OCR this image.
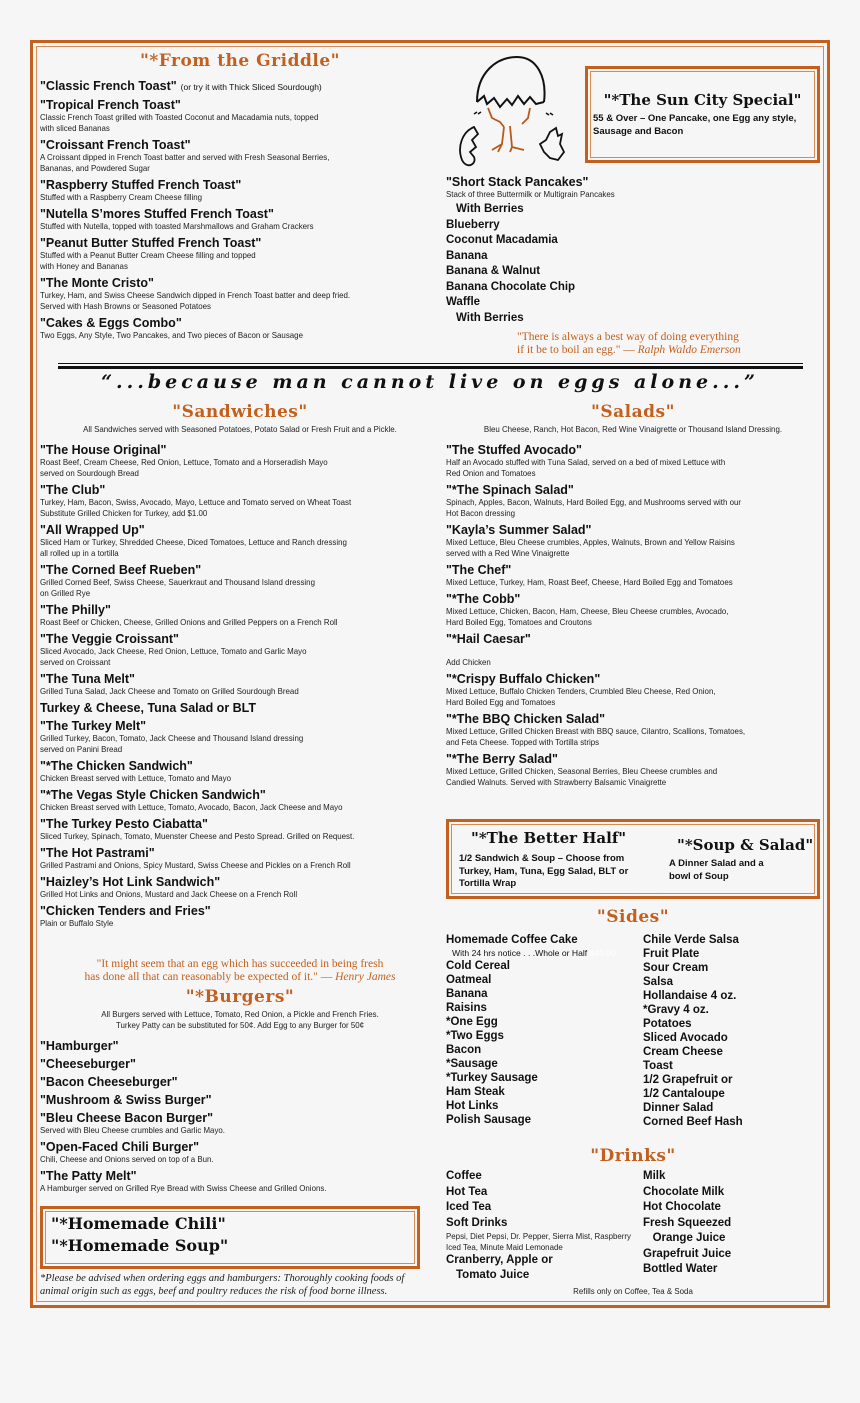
"*From the Griddle"
"Classic French Toast" (or try it with Thick Sliced Sourdough)
"Tropical French Toast"
Classic French Toast grilled with Toasted Coconut and Macadamia nuts, topped
with sliced Bananas
"Croissant French Toast"
A Croissant dipped in French Toast batter and served with Fresh Seasonal Berries,
Bananas, and Powdered Sugar
"Raspberry Stuffed French Toast"
Stuffed with a Raspberry Cream Cheese filling
"Nutella S’mores Stuffed French Toast"
Stuffed with Nutella, topped with toasted Marshmallows and Graham Crackers
"Peanut Butter Stuffed French Toast"
Stuffed with a Peanut Butter Cream Cheese filling and topped
with Honey and Bananas
"The Monte Cristo"
Turkey, Ham, and Swiss Cheese Sandwich dipped in French Toast batter and deep fried.
Served with Hash Browns or Seasoned Potatoes
"Cakes & Eggs Combo"
Two Eggs, Any Style, Two Pancakes, and Two pieces of Bacon or Sausage
"*The Sun City Special"
55 & Over – One Pancake, one Egg any style,
Sausage and Bacon
"Short Stack Pancakes"
Stack of three Buttermilk or Multigrain Pancakes
With Berries
Blueberry
Coconut Macadamia
Banana
Banana & Walnut
Banana Chocolate Chip
Waffle
With Berries
"There is always a best way of doing everything
if it be to boil an egg." — Ralph Waldo Emerson
“...because man cannot live on eggs alone...”
"Sandwiches"
All Sandwiches served with Seasoned Potatoes, Potato Salad or Fresh Fruit and a Pickle.
"The House Original"
Roast Beef, Cream Cheese, Red Onion, Lettuce, Tomato and a Horseradish Mayo
served on Sourdough Bread
"The Club"
Turkey, Ham, Bacon, Swiss, Avocado, Mayo, Lettuce and Tomato served on Wheat Toast
Substitute Grilled Chicken for Turkey, add $1.00
"All Wrapped Up"
Sliced Ham or Turkey, Shredded Cheese, Diced Tomatoes, Lettuce and Ranch dressing
all rolled up in a tortilla
"The Corned Beef Rueben"
Grilled Corned Beef, Swiss Cheese, Sauerkraut and Thousand Island dressing
on Grilled Rye
"The Philly"
Roast Beef or Chicken, Cheese, Grilled Onions and Grilled Peppers on a French Roll
"The Veggie Croissant"
Sliced Avocado, Jack Cheese, Red Onion, Lettuce, Tomato and Garlic Mayo
served on Croissant
"The Tuna Melt"
Grilled Tuna Salad, Jack Cheese and Tomato on Grilled Sourdough Bread
Turkey & Cheese, Tuna Salad or BLT
"The Turkey Melt"
Grilled Turkey, Bacon, Tomato, Jack Cheese and Thousand Island dressing
served on Panini Bread
"*The Chicken Sandwich"
Chicken Breast served with Lettuce, Tomato and Mayo
"*The Vegas Style Chicken Sandwich"
Chicken Breast served with Lettuce, Tomato, Avocado, Bacon, Jack Cheese and Mayo
"The Turkey Pesto Ciabatta"
Sliced Turkey, Spinach, Tomato, Muenster Cheese and Pesto Spread. Grilled on Request.
"The Hot Pastrami"
Grilled Pastrami and Onions, Spicy Mustard, Swiss Cheese and Pickles on a French Roll
"Haizley’s Hot Link Sandwich"
Grilled Hot Links and Onions, Mustard and Jack Cheese on a French Roll
"Chicken Tenders and Fries"
Plain or Buffalo Style
"It might seem that an egg which has succeeded in being fresh
has done all that can reasonably be expected of it." — Henry James
"*Burgers"
All Burgers served with Lettuce, Tomato, Red Onion, a Pickle and French Fries.
Turkey Patty can be substituted for 50¢. Add Egg to any Burger for 50¢
"Hamburger"
"Cheeseburger"
"Bacon Cheeseburger"
"Mushroom & Swiss Burger"
"Bleu Cheese Bacon Burger"
Served with Bleu Cheese crumbles and Garlic Mayo.
"Open-Faced Chili Burger"
Chili, Cheese and Onions served on top of a Bun.
"The Patty Melt"
A Hamburger served on Grilled Rye Bread with Swiss Cheese and Grilled Onions.
"*Homemade Chili"
"*Homemade Soup"
*Please be advised when ordering eggs and hamburgers: Thoroughly cooking foods of
animal origin such as eggs, beef and poultry reduces the risk of food borne illness.
"Salads"
Bleu Cheese, Ranch, Hot Bacon, Red Wine Vinaigrette or Thousand Island Dressing.
"The Stuffed Avocado"
Half an Avocado stuffed with Tuna Salad, served on a bed of mixed Lettuce with
Red Onion and Tomatoes
"*The Spinach Salad"
Spinach, Apples, Bacon, Walnuts, Hard Boiled Egg, and Mushrooms served with our
Hot Bacon dressing
"Kayla’s Summer Salad"
Mixed Lettuce, Bleu Cheese crumbles, Apples, Walnuts, Brown and Yellow Raisins
served with a Red Wine Vinaigrette
"The Chef"
Mixed Lettuce, Turkey, Ham, Roast Beef, Cheese, Hard Boiled Egg and Tomatoes
"*The Cobb"
Mixed Lettuce, Chicken, Bacon, Ham, Cheese, Bleu Cheese crumbles, Avocado,
Hard Boiled Egg, Tomatoes and Croutons
"*Hail Caesar"
Add Chicken
"*Crispy Buffalo Chicken"
Mixed Lettuce, Buffalo Chicken Tenders, Crumbled Bleu Cheese, Red Onion,
Hard Boiled Egg and Tomatoes
"*The BBQ Chicken Salad"
Mixed Lettuce, Grilled Chicken Breast with BBQ sauce, Cilantro, Scallions, Tomatoes,
and Feta Cheese. Topped with Tortilla strips
"*The Berry Salad"
Mixed Lettuce, Grilled Chicken, Seasonal Berries, Bleu Cheese crumbles and
Candied Walnuts. Served with Strawberry Balsamic Vinaigrette
"*The Better Half"
1/2 Sandwich & Soup – Choose from
Turkey, Ham, Tuna, Egg Salad, BLT or
Tortilla Wrap
"*Soup & Salad"
A Dinner Salad and a
bowl of Soup
"Sides"
Homemade Coffee Cake
With 24 hrs notice . . .Whole or Half $40.00
Cold Cereal
Oatmeal
Banana
Raisins
*One Egg
*Two Eggs
Bacon
*Sausage
*Turkey Sausage
Ham Steak
Hot Links
Polish Sausage
Chile Verde Salsa
Fruit Plate
Sour Cream
Salsa
Hollandaise 4 oz.
*Gravy 4 oz.
Potatoes
Sliced Avocado
Cream Cheese
Toast
1/2 Grapefruit or
1/2 Cantaloupe
Dinner Salad
Corned Beef Hash
"Drinks"
Coffee
Hot Tea
Iced Tea
Soft Drinks
Pepsi, Diet Pepsi, Dr. Pepper, Sierra Mist, Raspberry
Iced Tea, Minute Maid Lemonade
Cranberry, Apple or
Tomato Juice
Milk
Chocolate Milk
Hot Chocolate
Fresh Squeezed
Orange Juice
Grapefruit Juice
Bottled Water
Refills only on Coffee, Tea & Soda
